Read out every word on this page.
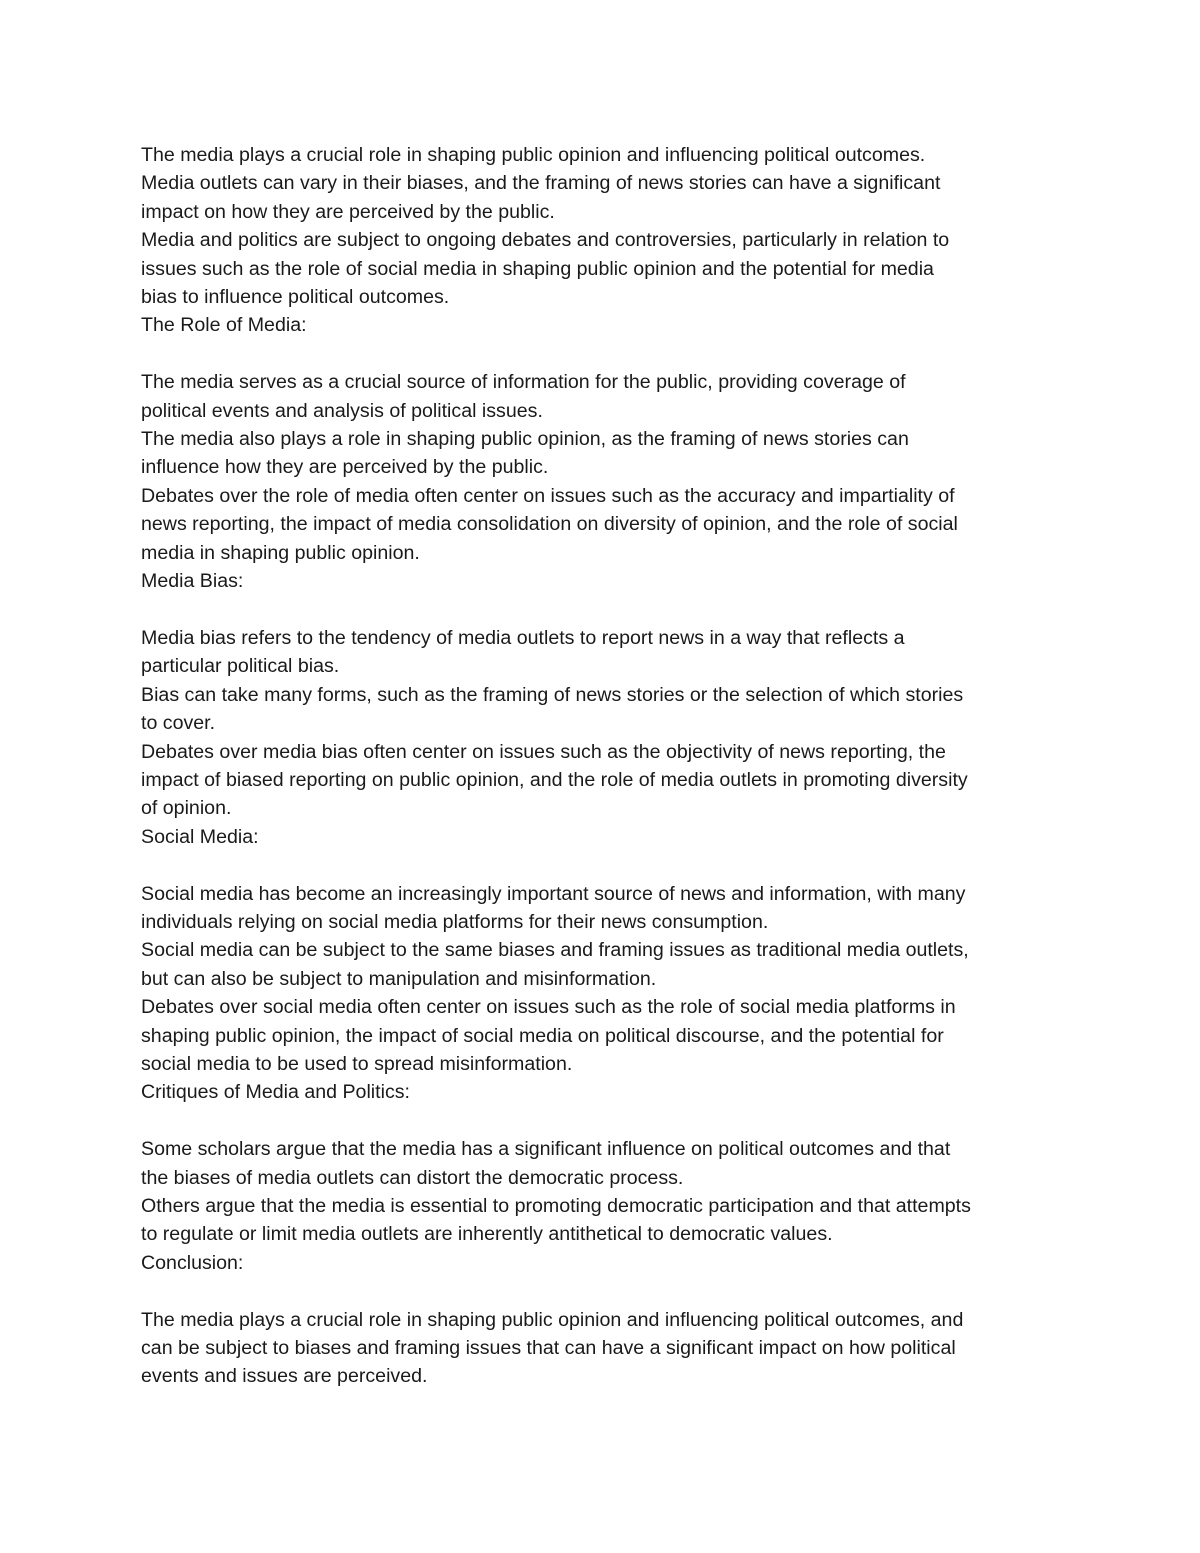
The media plays a crucial role in shaping public opinion and influencing political outcomes.
Media outlets can vary in their biases, and the framing of news stories can have a significant
impact on how they are perceived by the public.
Media and politics are subject to ongoing debates and controversies, particularly in relation to
issues such as the role of social media in shaping public opinion and the potential for media
bias to influence political outcomes.
The Role of Media:
The media serves as a crucial source of information for the public, providing coverage of
political events and analysis of political issues.
The media also plays a role in shaping public opinion, as the framing of news stories can
influence how they are perceived by the public.
Debates over the role of media often center on issues such as the accuracy and impartiality of
news reporting, the impact of media consolidation on diversity of opinion, and the role of social
media in shaping public opinion.
Media Bias:
Media bias refers to the tendency of media outlets to report news in a way that reflects a
particular political bias.
Bias can take many forms, such as the framing of news stories or the selection of which stories
to cover.
Debates over media bias often center on issues such as the objectivity of news reporting, the
impact of biased reporting on public opinion, and the role of media outlets in promoting diversity
of opinion.
Social Media:
Social media has become an increasingly important source of news and information, with many
individuals relying on social media platforms for their news consumption.
Social media can be subject to the same biases and framing issues as traditional media outlets,
but can also be subject to manipulation and misinformation.
Debates over social media often center on issues such as the role of social media platforms in
shaping public opinion, the impact of social media on political discourse, and the potential for
social media to be used to spread misinformation.
Critiques of Media and Politics:
Some scholars argue that the media has a significant influence on political outcomes and that
the biases of media outlets can distort the democratic process.
Others argue that the media is essential to promoting democratic participation and that attempts
to regulate or limit media outlets are inherently antithetical to democratic values.
Conclusion:
The media plays a crucial role in shaping public opinion and influencing political outcomes, and
can be subject to biases and framing issues that can have a significant impact on how political
events and issues are perceived.
